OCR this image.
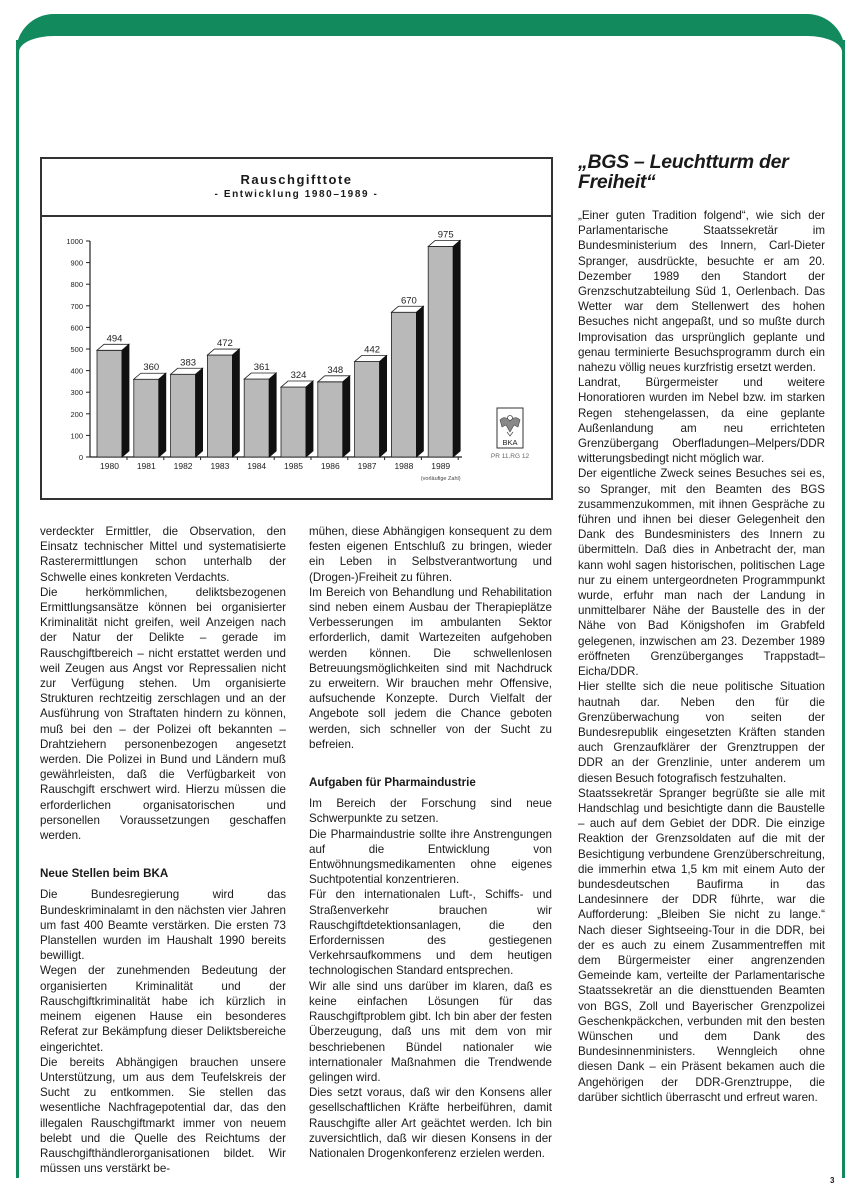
Rauschgifttote
- Entwicklung 1980–1989 -
0
100
200
300
400
500
600
700
800
900
1000
494
1980
360
1981
383
1982
472
1983
361
1984
324
1985
348
1986
442
1987
670
1988
975
1989
(vorläufige Zahl)
BKA
PR 11.RG 12
„BGS – Leuchtturm der Freiheit“

verdeckter Ermittler, die Observation, den Einsatz technischer Mittel und systematisierte Rasterermittlungen schon unterhalb der Schwelle eines konkreten Verdachts.

Die herkömmlichen, deliktsbezogenen Ermittlungsansätze können bei organisierter Kriminalität nicht greifen, weil Anzeigen nach der Natur der Delikte – gerade im Rauschgiftbereich – nicht erstattet werden und weil Zeugen aus Angst vor Repressalien nicht zur Verfügung stehen. Um organisierte Strukturen rechtzeitig zerschlagen und an der Ausführung von Straftaten hindern zu können, muß bei den – der Polizei oft bekannten – Drahtziehern personenbezogen angesetzt werden. Die Polizei in Bund und Ländern muß gewährleisten, daß die Verfügbarkeit von Rauschgift erschwert wird. Hierzu müssen die erforderlichen organisatorischen und personellen Voraussetzungen geschaffen werden.

Neue Stellen beim BKA

Die Bundesregierung wird das Bundeskriminalamt in den nächsten vier Jahren um fast 400 Beamte verstärken. Die ersten 73 Planstellen wurden im Haushalt 1990 bereits bewilligt.

Wegen der zunehmenden Bedeutung der organisierten Kriminalität und der Rauschgiftkriminalität habe ich kürzlich in meinem eigenen Hause ein besonderes Referat zur Bekämpfung dieser Deliktsbereiche eingerichtet.

Die bereits Abhängigen brauchen unsere Unterstützung, um aus dem Teufelskreis der Sucht zu entkommen. Sie stellen das wesentliche Nachfragepotential dar, das den illegalen Rauschgiftmarkt immer von neuem belebt und die Quelle des Reichtums der Rauschgifthändlerorganisationen bildet. Wir müssen uns verstärkt be-

mühen, diese Abhängigen konsequent zu dem festen eigenen Entschluß zu bringen, wieder ein Leben in Selbstverantwortung und (Drogen-)Freiheit zu führen.

Im Bereich von Behandlung und Rehabilitation sind neben einem Ausbau der Therapieplätze Verbesserungen im ambulanten Sektor erforderlich, damit Wartezeiten aufgehoben werden können. Die schwellenlosen Betreuungsmöglichkeiten sind mit Nachdruck zu erweitern. Wir brauchen mehr Offensive, aufsuchende Konzepte. Durch Vielfalt der Angebote soll jedem die Chance geboten werden, sich schneller von der Sucht zu befreien.

Aufgaben für Pharmaindustrie

Im Bereich der Forschung sind neue Schwerpunkte zu setzen.

Die Pharmaindustrie sollte ihre Anstrengungen auf die Entwicklung von Entwöhnungsmedikamenten ohne eigenes Suchtpotential konzentrieren.

Für den internationalen Luft-, Schiffs- und Straßenverkehr brauchen wir Rauschgiftdetektionsanlagen, die den Erfordernissen des gestiegenen Verkehrsaufkommens und dem heutigen technologischen Standard entsprechen.

Wir alle sind uns darüber im klaren, daß es keine einfachen Lösungen für das Rauschgiftproblem gibt. Ich bin aber der festen Überzeugung, daß uns mit dem von mir beschriebenen Bündel nationaler wie internationaler Maßnahmen die Trendwende gelingen wird.

Dies setzt voraus, daß wir den Konsens aller gesellschaftlichen Kräfte herbeiführen, damit Rauschgifte aller Art geächtet werden. Ich bin zuversichtlich, daß wir diesen Konsens in der Nationalen Drogenkonferenz erzielen werden.

„Einer guten Tradition folgend“, wie sich der Parlamentarische Staatssekretär im Bundesministerium des Innern, Carl-Dieter Spranger, ausdrückte, besuchte er am 20. Dezember 1989 den Standort der Grenzschutzabteilung Süd 1, Oerlenbach. Das Wetter war dem Stellenwert des hohen Besuches nicht angepaßt, und so mußte durch Improvisation das ursprünglich geplante und genau terminierte Besuchsprogramm durch ein nahezu völlig neues kurzfristig ersetzt werden.

Landrat, Bürgermeister und weitere Honoratioren wurden im Nebel bzw. im starken Regen stehengelassen, da eine geplante Außenlandung am neu errichteten Grenzübergang Oberfladungen–Melpers/DDR witterungsbedingt nicht möglich war.

Der eigentliche Zweck seines Besuches sei es, so Spranger, mit den Beamten des BGS zusammenzukommen, mit ihnen Gespräche zu führen und ihnen bei dieser Gelegenheit den Dank des Bundesministers des Innern zu übermitteln. Daß dies in Anbetracht der, man kann wohl sagen historischen, politischen Lage nur zu einem untergeordneten Programmpunkt wurde, erfuhr man nach der Landung in unmittelbarer Nähe der Baustelle des in der Nähe von Bad Königshofen im Grabfeld gelegenen, inzwischen am 23. Dezember 1989 eröffneten Grenzüberganges Trappstadt–Eicha/DDR.

Hier stellte sich die neue politische Situation hautnah dar. Neben den für die Grenzüberwachung von seiten der Bundesrepublik eingesetzten Kräften standen auch Grenzaufklärer der Grenztruppen der DDR an der Grenzlinie, unter anderem um diesen Besuch fotografisch festzuhalten.

Staatssekretär Spranger begrüßte sie alle mit Handschlag und besichtigte dann die Baustelle – auch auf dem Gebiet der DDR. Die einzige Reaktion der Grenzsoldaten auf die mit der Besichtigung verbundene Grenzüberschreitung, die immerhin etwa 1,5 km mit einem Auto der bundesdeutschen Baufirma in das Landesinnere der DDR führte, war die Aufforderung: „Bleiben Sie nicht zu lange.“ Nach dieser Sightseeing-Tour in die DDR, bei der es auch zu einem Zusammentreffen mit dem Bürgermeister einer angrenzenden Gemeinde kam, verteilte der Parlamentarische Staatssekretär an die diensttuenden Beamten von BGS, Zoll und Bayerischer Grenzpolizei Geschenkpäckchen, verbunden mit den besten Wünschen und dem Dank des Bundesinnenministers. Wenngleich ohne diesen Dank – ein Präsent bekamen auch die Angehörigen der DDR-Grenztruppe, die darüber sichtlich überrascht und erfreut waren.

3
